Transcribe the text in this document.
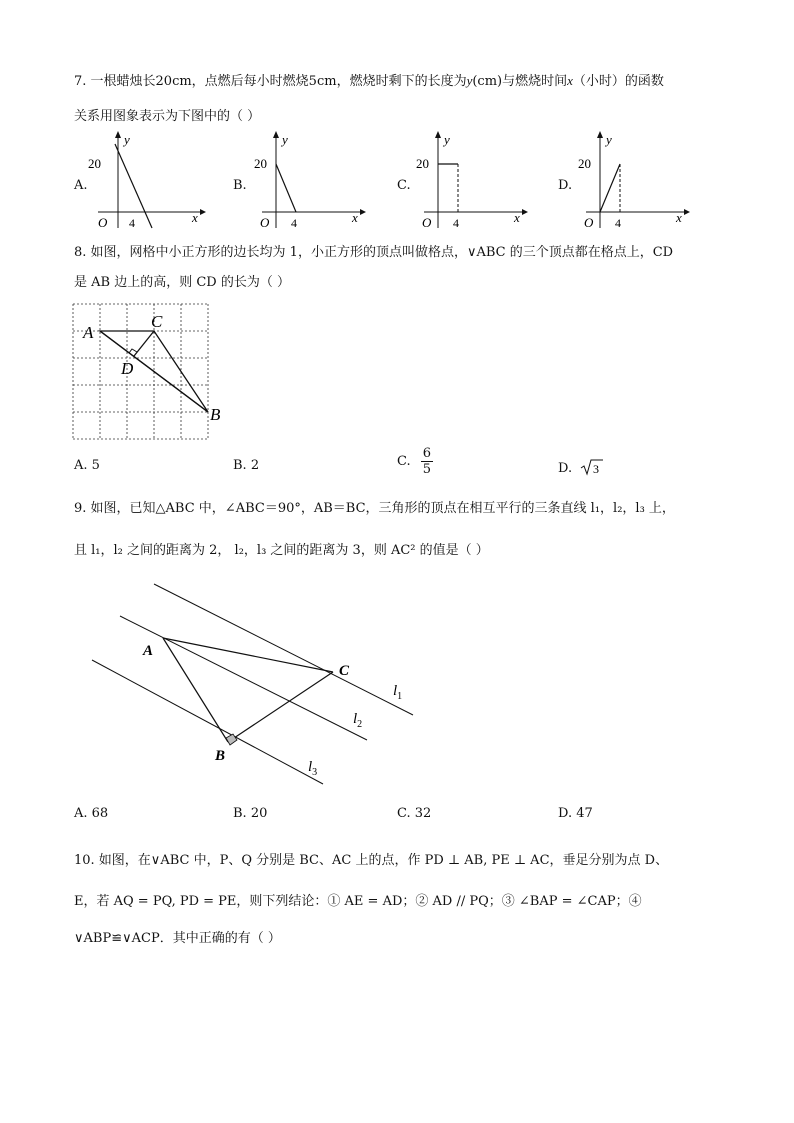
7. 一根蜡烛长20cm，点燃后每小时燃烧5cm，燃烧时剩下的长度为y(cm)与燃烧时间x（小时）的函数
关系用图象表示为下图中的（ ）
A.	B.	C.	D.
20
y
x
O 4
20
y
x
O 4
20
y
x
O 4
20
y
x
O 4
8. 如图，网格中小正方形的边长均为 1，小正方形的顶点叫做格点，∨ABC 的三个顶点都在格点上，CD
是 AB 边上的高，则 CD 的长为（ ）
A
C
D
B
A. 5	B. 2	C. $\frac{6}{5}$	D. 3
9. 如图，已知△ABC 中，∠ABC＝90°，AB＝BC，三角形的顶点在相互平行的三条直线 l₁，l₂，l₃ 上，
且 l₁，l₂ 之间的距离为 2， l₂，l₃ 之间的距离为 3，则 AC² 的值是（ ）
A
C
B
$l_1$
$l_2$
$l_3$
A. 68	B. 20	C. 32	D. 47
10. 如图，在∨ABC 中，P、Q 分别是 BC、AC 上的点，作 PD ⊥ AB, PE ⊥ AC，垂足分别为点 D、
E，若 AQ = PQ, PD = PE，则下列结论：① AE = AD；② AD // PQ；③ ∠BAP = ∠CAP；④
∨ABP≌∨ACP．其中正确的有（ ）
